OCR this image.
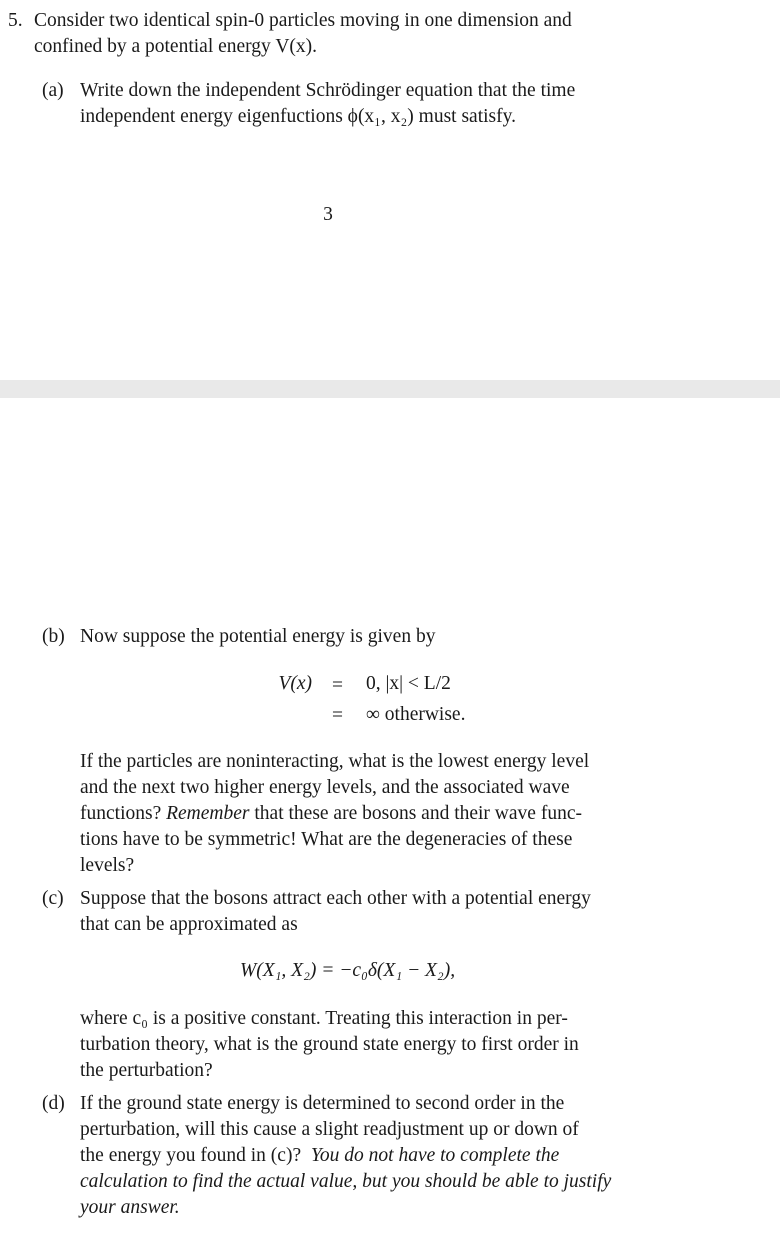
5. Consider two identical spin-0 particles moving in one dimension and
confined by a potential energy V(x).
(a) Write down the independent Schrödinger equation that the time
independent energy eigenfuctions ϕ(x₁, x₂) must satisfy.
3
(b) Now suppose the potential energy is given by
V(x) = 0, |x| < L/2
= ∞ otherwise.
If the particles are noninteracting, what is the lowest energy level
and the next two higher energy levels, and the associated wave
functions? Remember that these are bosons and their wave func-
tions have to be symmetric! What are the degeneracies of these
levels?
(c) Suppose that the bosons attract each other with a potential energy
that can be approximated as
W(X₁, X₂) = −c₀δ(X₁ − X₂),
where c₀ is a positive constant. Treating this interaction in per-
turbation theory, what is the ground state energy to first order in
the perturbation?
(d) If the ground state energy is determined to second order in the
perturbation, will this cause a slight readjustment up or down of
the energy you found in (c)? You do not have to complete the
calculation to find the actual value, but you should be able to justify
your answer.
